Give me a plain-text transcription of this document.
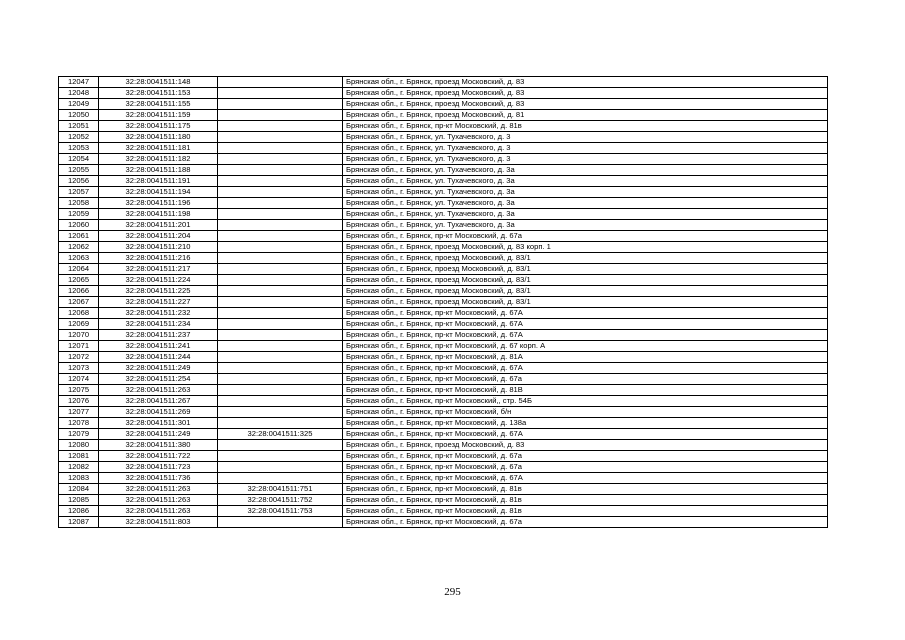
12047	32:28:0041511:148		Брянская обл., г. Брянск, проезд Московский, д. 83
12048	32:28:0041511:153		Брянская обл., г. Брянск, проезд Московский, д. 83
12049	32:28:0041511:155		Брянская обл., г. Брянск, проезд Московский, д. 83
12050	32:28:0041511:159		Брянская обл., г. Брянск, проезд Московский, д. 81
12051	32:28:0041511:175		Брянская обл., г. Брянск, пр-кт Московский, д. 81в
12052	32:28:0041511:180		Брянская обл., г. Брянск, ул. Тухачевского, д. 3
12053	32:28:0041511:181		Брянская обл., г. Брянск, ул. Тухачевского, д. 3
12054	32:28:0041511:182		Брянская обл., г. Брянск, ул. Тухачевского, д. 3
12055	32:28:0041511:188		Брянская обл., г. Брянск, ул. Тухачевского, д. 3а
12056	32:28:0041511:191		Брянская обл., г. Брянск, ул. Тухачевского, д. 3а
12057	32:28:0041511:194		Брянская обл., г. Брянск, ул. Тухачевского, д. 3а
12058	32:28:0041511:196		Брянская обл., г. Брянск, ул. Тухачевского, д. 3а
12059	32:28:0041511:198		Брянская обл., г. Брянск, ул. Тухачевского, д. 3а
12060	32:28:0041511:201		Брянская обл., г. Брянск, ул. Тухачевского, д. 3а
12061	32:28:0041511:204		Брянская обл., г. Брянск, пр-кт Московский, д. 67а
12062	32:28:0041511:210		Брянская обл., г. Брянск, проезд Московский, д. 83 корп. 1
12063	32:28:0041511:216		Брянская обл., г. Брянск, проезд Московский, д. 83/1
12064	32:28:0041511:217		Брянская обл., г. Брянск, проезд Московский, д. 83/1
12065	32:28:0041511:224		Брянская обл., г. Брянск, проезд Московский, д. 83/1
12066	32:28:0041511:225		Брянская обл., г. Брянск, проезд Московский, д. 83/1
12067	32:28:0041511:227		Брянская обл., г. Брянск, проезд Московский, д. 83/1
12068	32:28:0041511:232		Брянская обл., г. Брянск, пр-кт Московский, д. 67А
12069	32:28:0041511:234		Брянская обл., г. Брянск, пр-кт Московский, д. 67А
12070	32:28:0041511:237		Брянская обл., г. Брянск, пр-кт Московский, д. 67А
12071	32:28:0041511:241		Брянская обл., г. Брянск, пр-кт Московский, д. 67 корп. А
12072	32:28:0041511:244		Брянская обл., г. Брянск, пр-кт Московский, д. 81А
12073	32:28:0041511:249		Брянская обл., г. Брянск, пр-кт Московский, д. 67А
12074	32:28:0041511:254		Брянская обл., г. Брянск, пр-кт Московский, д. 67а
12075	32:28:0041511:263		Брянская обл., г. Брянск, пр-кт Московский, д. 81В
12076	32:28:0041511:267		Брянская обл., г. Брянск, пр-кт Московский,, стр. 54Б
12077	32:28:0041511:269		Брянская обл., г. Брянск, пр-кт Московский, б/н
12078	32:28:0041511:301		Брянская обл., г. Брянск, пр-кт Московский, д. 138а
12079	32:28:0041511:249	32:28:0041511:325	Брянская обл., г. Брянск, пр-кт Московский, д. 67А
12080	32:28:0041511:380		Брянская обл., г. Брянск, проезд Московский, д. 83
12081	32:28:0041511:722		Брянская обл., г. Брянск, пр-кт Московский, д. 67а
12082	32:28:0041511:723		Брянская обл., г. Брянск, пр-кт Московский, д. 67а
12083	32:28:0041511:736		Брянская обл., г. Брянск, пр-кт Московский, д. 67А
12084	32:28:0041511:263	32:28:0041511:751	Брянская обл., г. Брянск, пр-кт Московский, д. 81в
12085	32:28:0041511:263	32:28:0041511:752	Брянская обл., г. Брянск, пр-кт Московский, д. 81в
12086	32:28:0041511:263	32:28:0041511:753	Брянская обл., г. Брянск, пр-кт Московский, д. 81в
12087	32:28:0041511:803		Брянская обл., г. Брянск, пр-кт Московский, д. 67а
295
